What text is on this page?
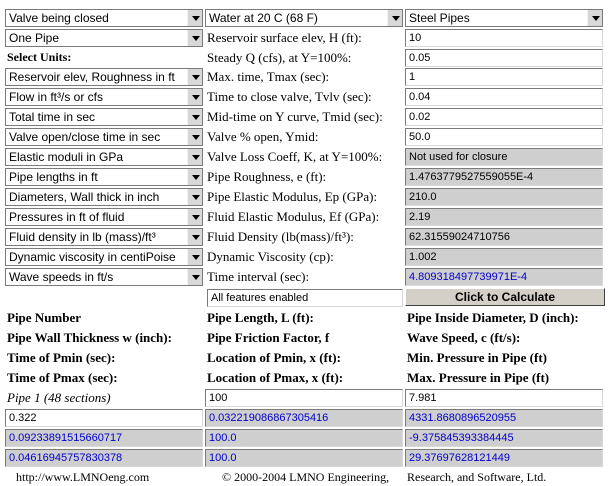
Valve being closed	Water at 20 C (68 F)	Steel Pipes
One Pipe
Select Units:
Reservoir elev, Roughness in ft
Flow in ft³/s or cfs
Total time in sec
Valve open/close time in sec
Elastic moduli in GPa
Pipe lengths in ft
Diameters, Wall thick in inch
Pressures in ft of fluid
Fluid density in lb (mass)/ft³
Dynamic viscosity in centiPoise
Wave speeds in ft/s
Reservoir surface elev, H (ft):	10
Steady Q (cfs), at Y=100%:	0.05
Max. time, Tmax (sec):	1
Time to close valve, Tvlv (sec):	0.04
Mid-time on Y curve, Tmid (sec):	0.02
Valve % open, Ymid:	50.0
Valve Loss Coeff, K, at Y=100%:	Not used for closure
Pipe Roughness, e (ft):	1.4763779527559055E-4
Pipe Elastic Modulus, Ep (GPa):	210.0
Fluid Elastic Modulus, Ef (GPa):	2.19
Fluid Density (lb(mass)/ft³):	62.31559024710756
Dynamic Viscosity (cp):	1.002
Time interval (sec):	4.809318497739971E-4
All features enabled	Click to Calculate
Pipe Number	Pipe Length, L (ft):	Pipe Inside Diameter, D (inch):
Pipe Wall Thickness w (inch):	Pipe Friction Factor, f	Wave Speed, c (ft/s):
Time of Pmin (sec):	Location of Pmin, x (ft):	Min. Pressure in Pipe (ft)
Time of Pmax (sec):	Location of Pmax, x (ft):	Max. Pressure in Pipe (ft)
Pipe 1 (48 sections)	100	7.981
0.322	0.032219086867305416	4331.8680896520955
0.09233891515660717	100.0	-9.375845393384445
0.04616945757830378	100.0	29.37697628121449
http://www.LMNOeng.com	© 2000-2004 LMNO Engineering, Research, and Software, Ltd.
